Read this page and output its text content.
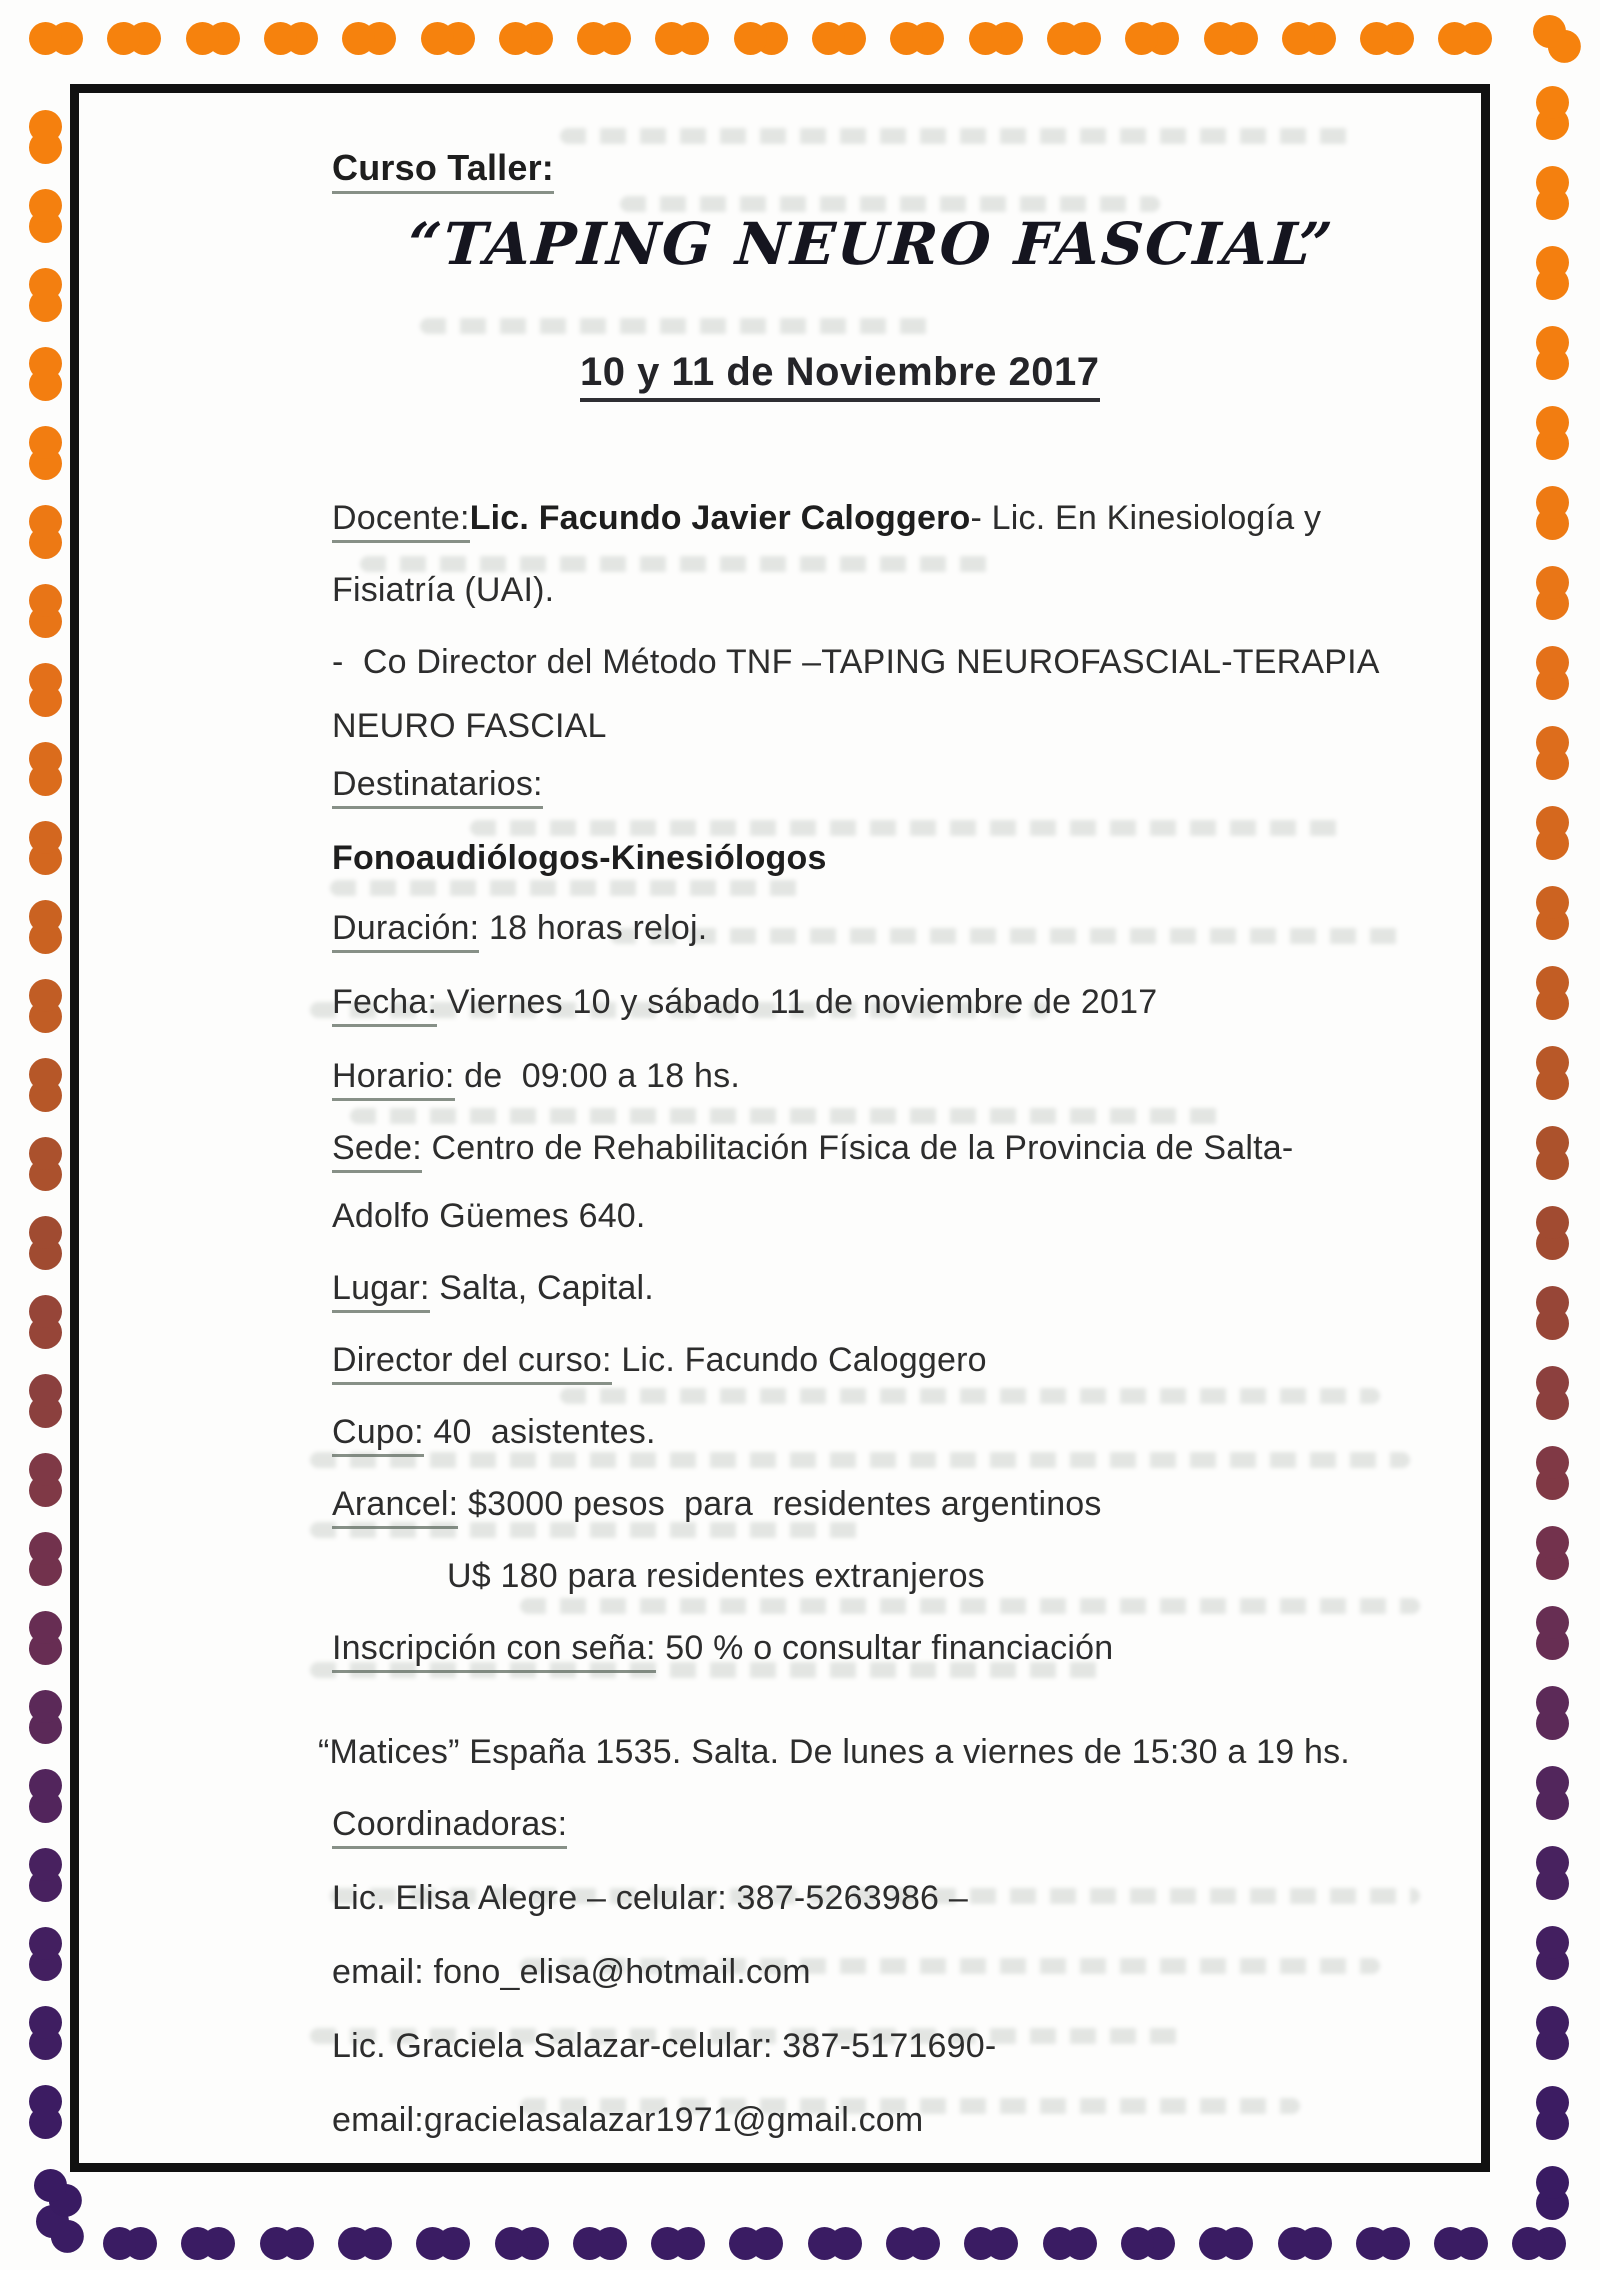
Curso Taller:
“TAPING NEURO FASCIAL”
10 y 11 de Noviembre 2017
Docente:Lic. Facundo Javier Caloggero- Lic. En Kinesiología y
Fisiatría (UAI).
-  Co Director del Método TNF –TAPING NEUROFASCIAL-TERAPIA
NEURO FASCIAL
Destinatarios:
Fonoaudiólogos-Kinesiólogos
Duración: 18 horas reloj.
Fecha: Viernes 10 y sábado 11 de noviembre de 2017
Horario: de  09:00 a 18 hs.
Sede: Centro de Rehabilitación Física de la Provincia de Salta-
Adolfo Güemes 640.
Lugar: Salta, Capital.
Director del curso: Lic. Facundo Caloggero
Cupo: 40  asistentes.
Arancel: $3000 pesos  para  residentes argentinos
U$ 180 para residentes extranjeros
Inscripción con seña: 50 % o consultar financiación
“Matices” España 1535. Salta. De lunes a viernes de 15:30 a 19 hs.
Coordinadoras:
Lic. Elisa Alegre – celular: 387-5263986 –
email: fono_elisa@hotmail.com
Lic. Graciela Salazar-celular: 387-5171690-
email:gracielasalazar1971@gmail.com
